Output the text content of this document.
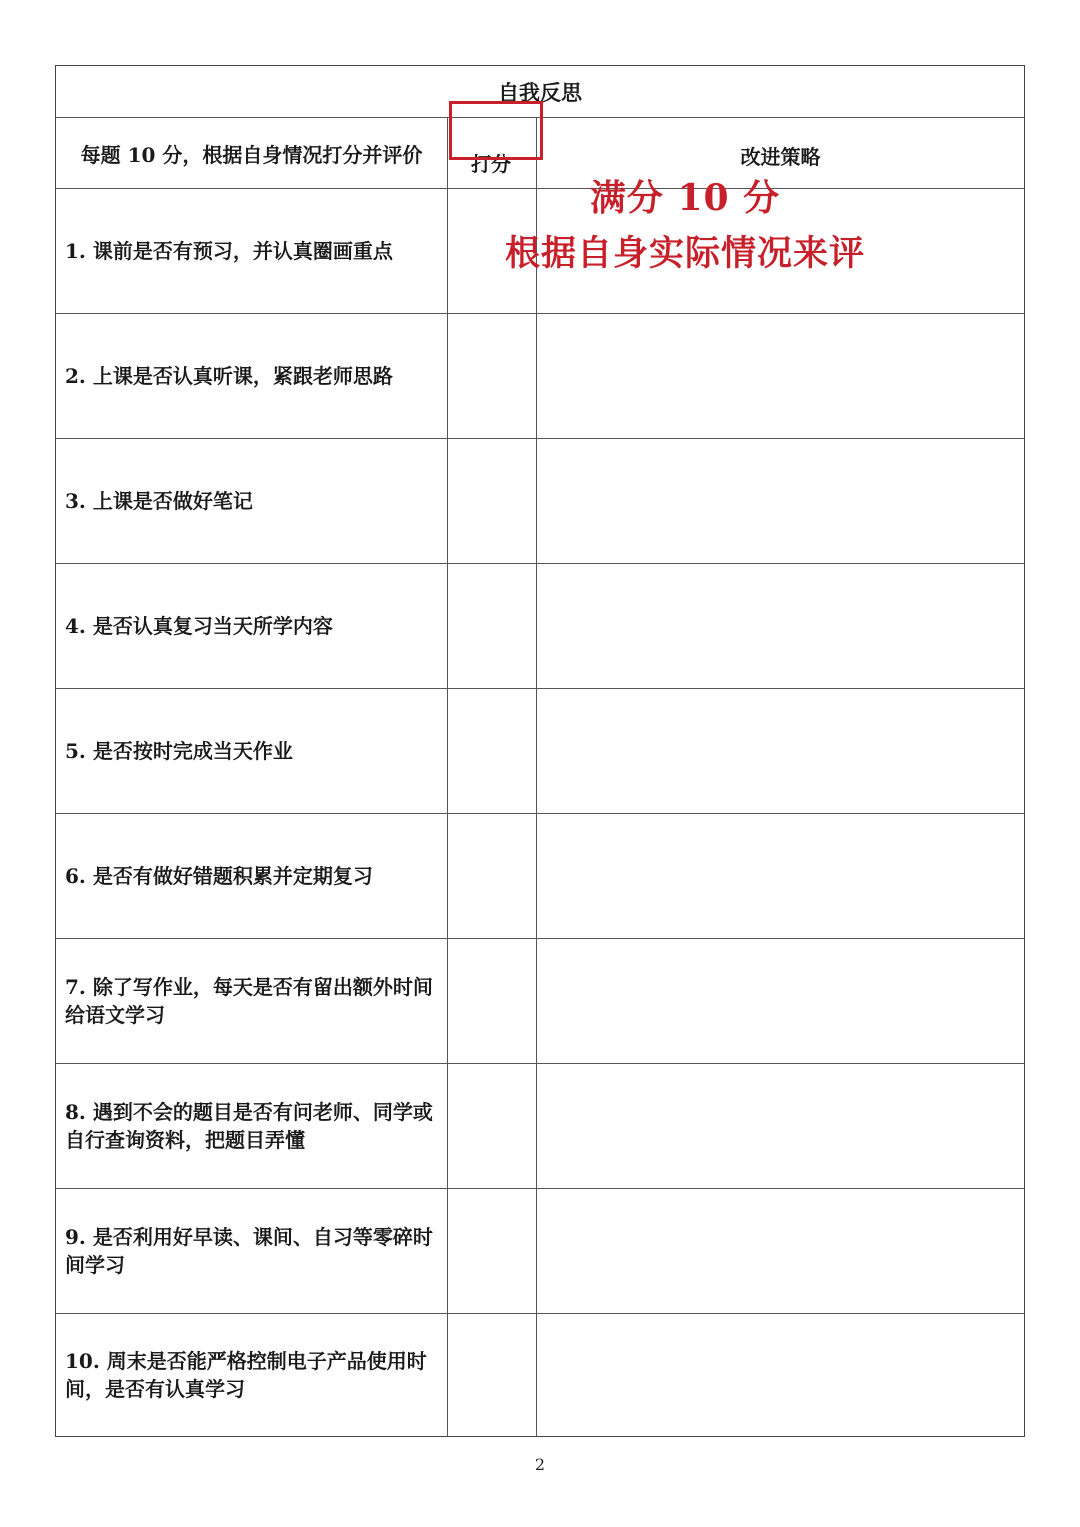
自我反思
每题 10 分，根据自身情况打分并评价	打分	改进策略
1. 课前是否有预习，并认真圈画重点
2. 上课是否认真听课，紧跟老师思路
3. 上课是否做好笔记
4. 是否认真复习当天所学内容
5. 是否按时完成当天作业
6. 是否有做好错题积累并定期复习
7. 除了写作业，每天是否有留出额外时间给语文学习
8. 遇到不会的题目是否有问老师、同学或自行查询资料，把题目弄懂
9. 是否利用好早读、课间、自习等零碎时间学习
10. 周末是否能严格控制电子产品使用时间，是否有认真学习
满分 10 分
根据自身实际情况来评
2
